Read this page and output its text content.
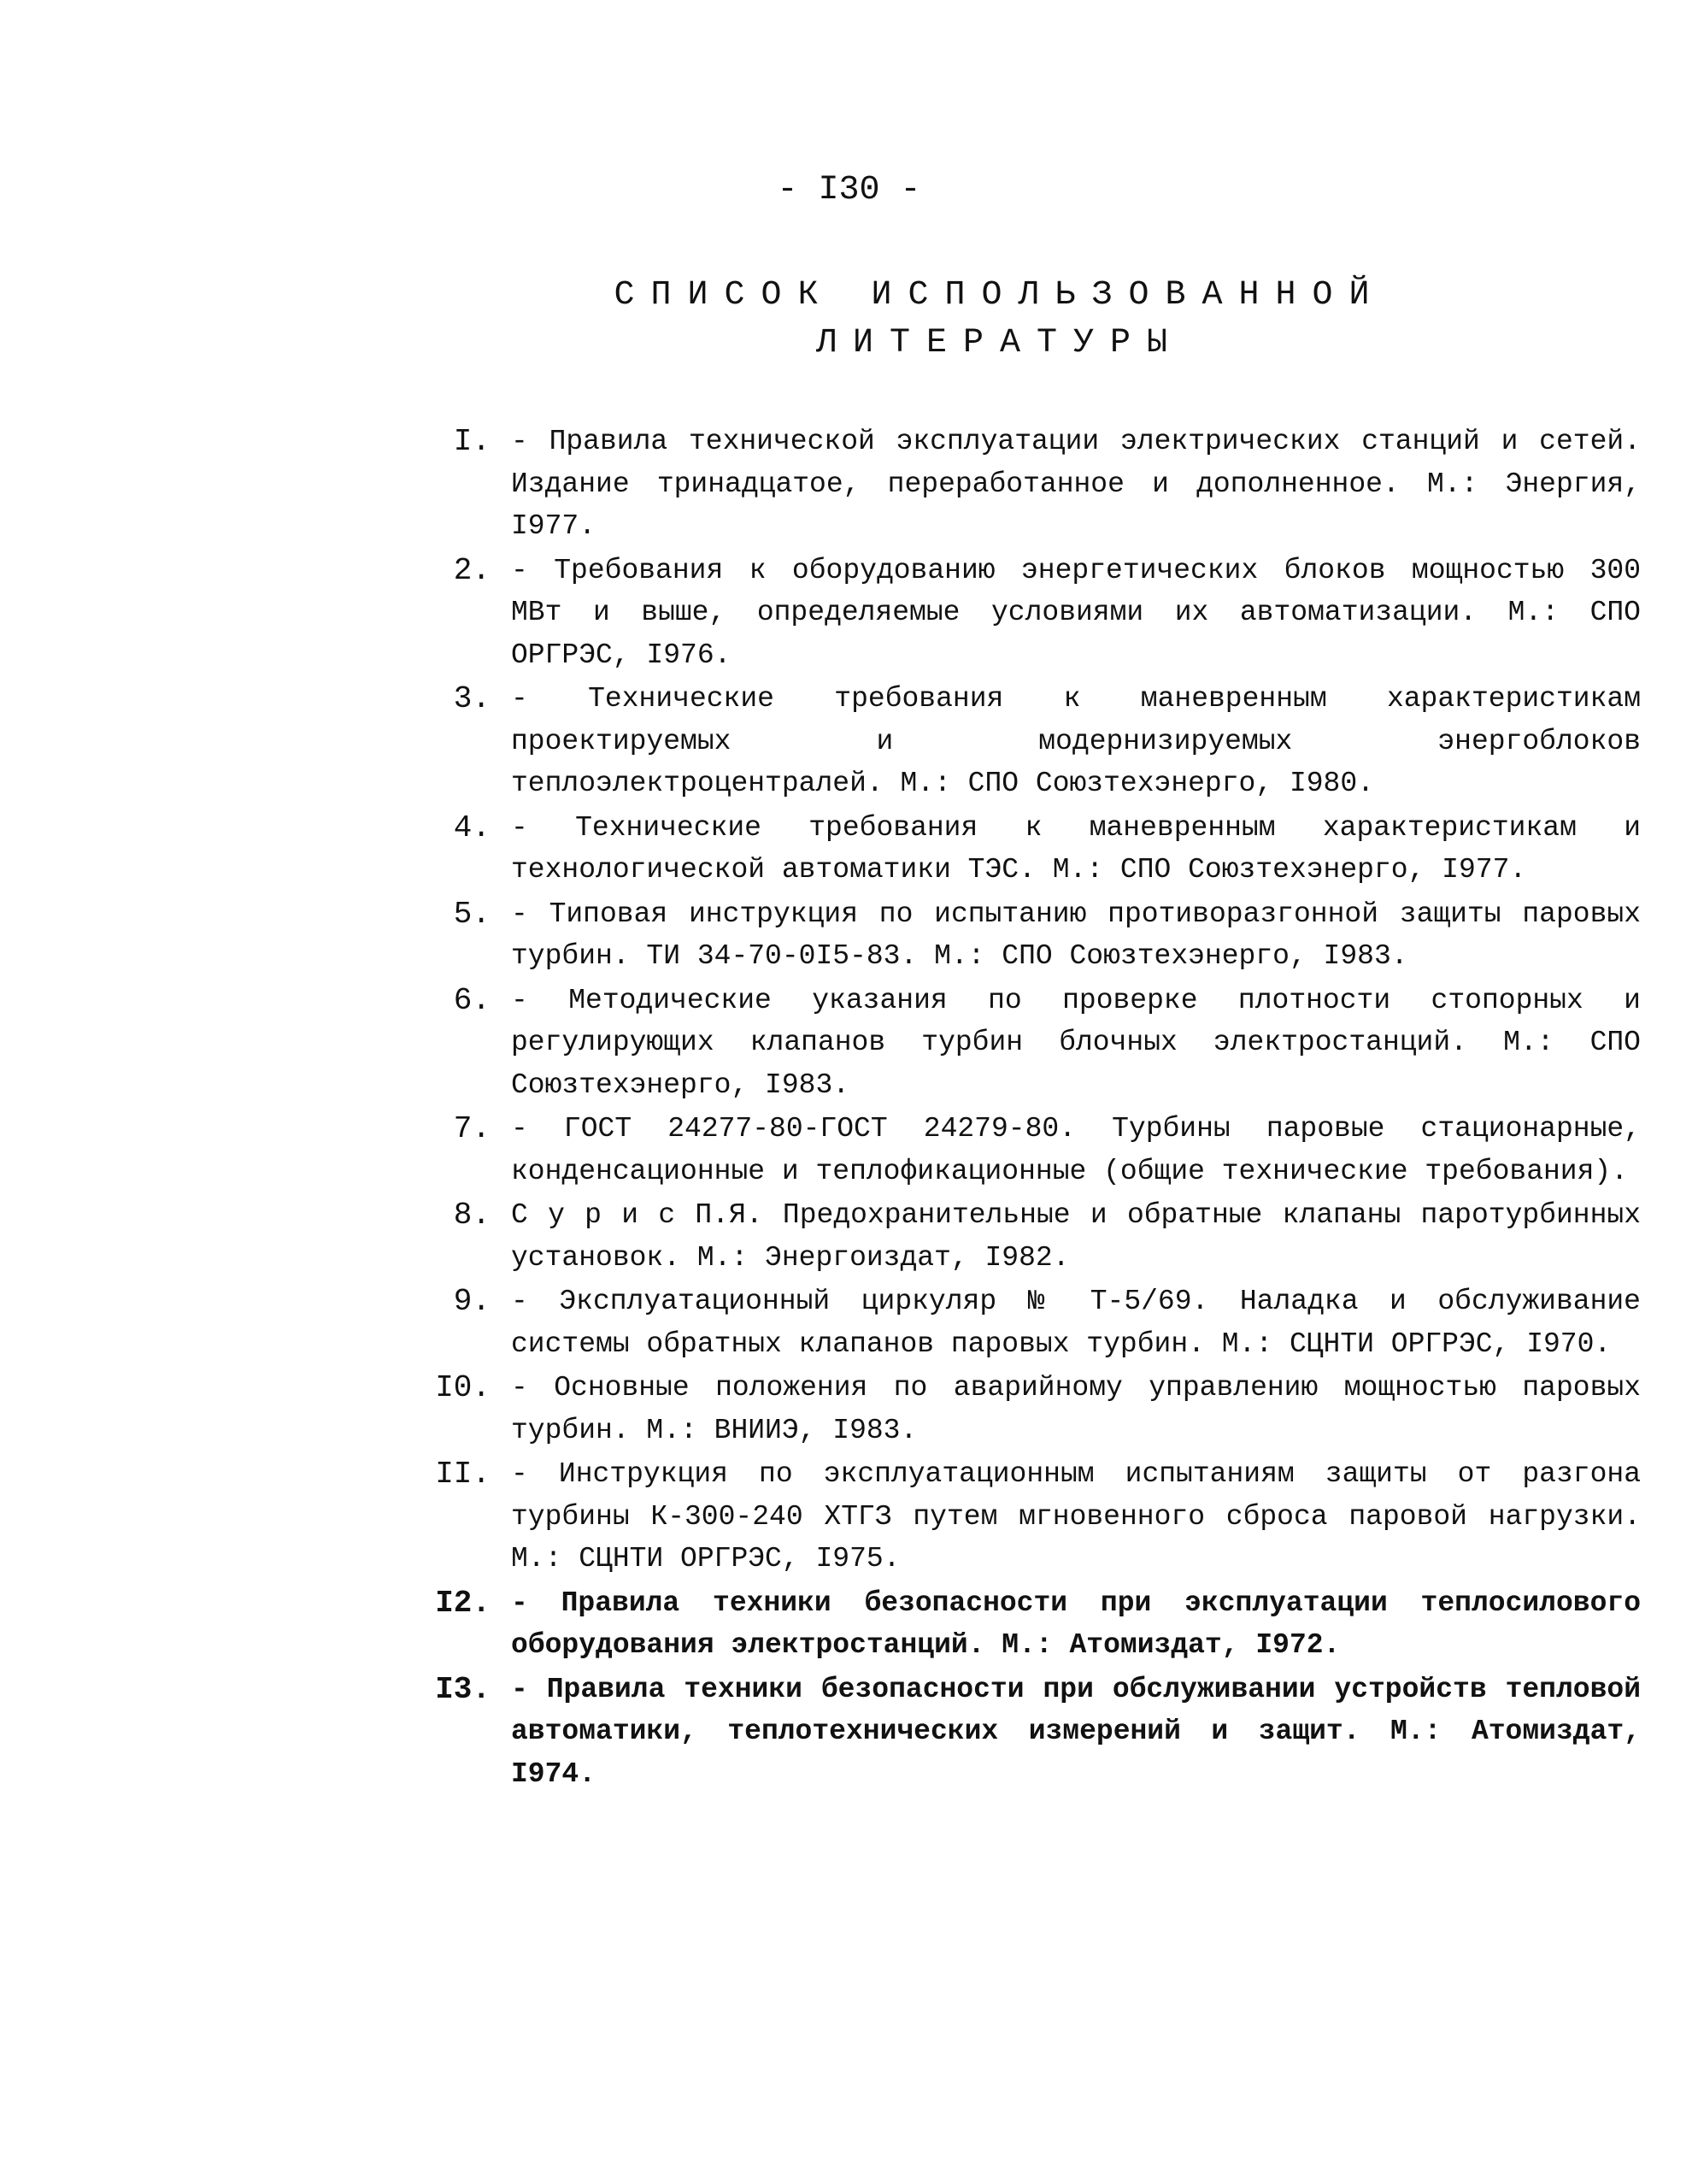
- I30 -
СПИСОК ИСПОЛЬЗОВАННОЙ
ЛИТЕРАТУРЫ
I. - Правила технической эксплуатации электрических станций и сетей. Издание тринадцатое, переработанное и дополненное. М.: Энергия, I977.
2. - Требования к оборудованию энергетических блоков мощностью 300 МВт и выше, определяемые условиями их автоматизации. М.: СПО ОРГРЭС, I976.
3. - Технические требования к маневренным характеристикам проектируемых и модернизируемых энергоблоков теплоэлектроцентралей. М.: СПО Союзтехэнерго, I980.
4. - Технические требования к маневренным характеристикам и технологической автоматики ТЭС. М.: СПО Союзтехэнерго, I977.
5. - Типовая инструкция по испытанию противоразгонной защиты паровых турбин. ТИ 34-70-0I5-83. М.: СПО Союзтехэнерго, I983.
6. - Методические указания по проверке плотности стопорных и регулирующих клапанов турбин блочных электростанций. М.: СПО Союзтехэнерго, I983.
7. - ГОСТ 24277-80-ГОСТ 24279-80. Турбины паровые стационарные, конденсационные и теплофикационные (общие технические требования).
8. С у р и с П.Я. Предохранительные и обратные клапаны паротурбинных установок. М.: Энергоиздат, I982.
9. - Эксплуатационный циркуляр № Т-5/69. Наладка и обслуживание системы обратных клапанов паровых турбин. М.: СЦНТИ ОРГРЭС, I970.
I0. - Основные положения по аварийному управлению мощностью паровых турбин. М.: ВНИИЭ, I983.
II. - Инструкция по эксплуатационным испытаниям защиты от разгона турбины К-300-240 ХТГЗ путем мгновенного сброса паровой нагрузки. М.: СЦНТИ ОРГРЭС, I975.
I2. - Правила техники безопасности при эксплуатации теплосилового оборудования электростанций. М.: Атомиздат, I972.
I3. - Правила техники безопасности при обслуживании устройств тепловой автоматики, теплотехнических измерений и защит. М.: Атомиздат, I974.
